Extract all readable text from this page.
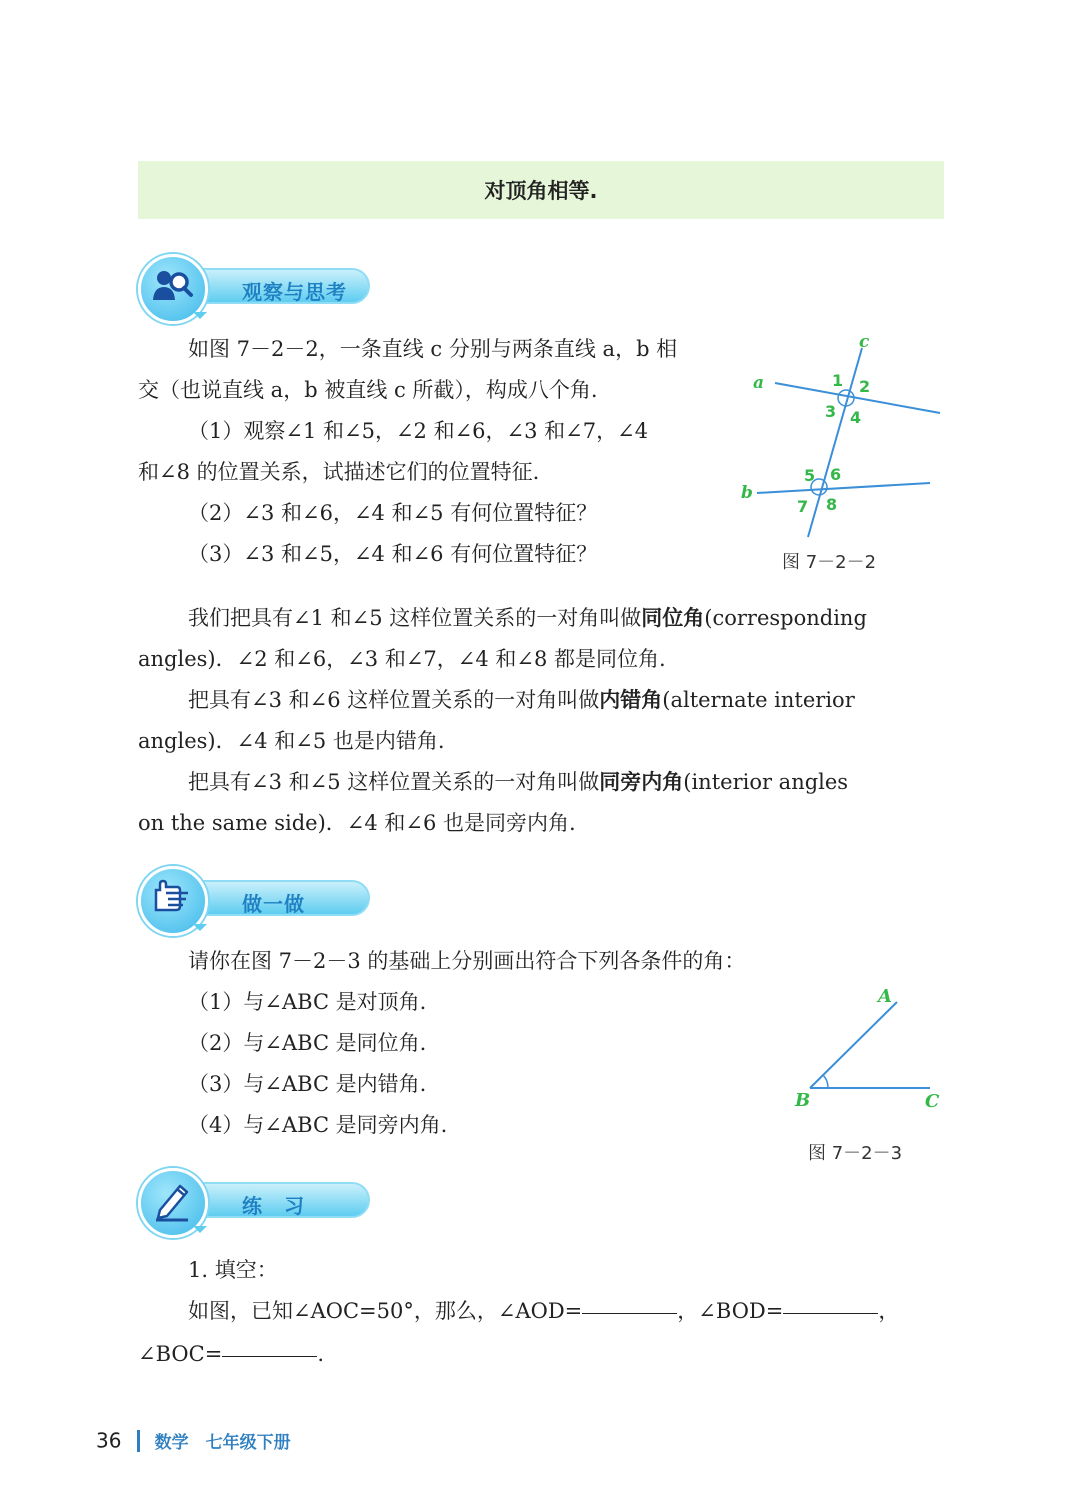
对顶角相等.
观察与思考
如图 7－2－2，一条直线 c 分别与两条直线 a，b 相
交（也说直线 a，b 被直线 c 所截），构成八个角.
（1）观察∠1 和∠5，∠2 和∠6，∠3 和∠7，∠4
和∠8 的位置关系，试描述它们的位置特征.
（2）∠3 和∠6，∠4 和∠5 有何位置特征？
（3）∠3 和∠5，∠4 和∠6 有何位置特征？
a
b
c
1 2
3 4
5 6
7 8
图 7－2－2
我们把具有∠1 和∠5 这样位置关系的一对角叫做同位角(corresponding
angles)．∠2 和∠6，∠3 和∠7，∠4 和∠8 都是同位角.
把具有∠3 和∠6 这样位置关系的一对角叫做内错角(alternate interior
angles)．∠4 和∠5 也是内错角.
把具有∠3 和∠5 这样位置关系的一对角叫做同旁内角(interior angles
on the same side)．∠4 和∠6 也是同旁内角.
做一做
请你在图 7－2－3 的基础上分别画出符合下列各条件的角：
（1）与∠ABC 是对顶角.
（2）与∠ABC 是同位角.
（3）与∠ABC 是内错角.
（4）与∠ABC 是同旁内角.
A
B	C
图 7－2－3
练　习
1. 填空：
如图，已知∠AOC=50°，那么，∠AOD=	，∠BOD=	，
∠BOC=	.
36 数学　七年级下册
